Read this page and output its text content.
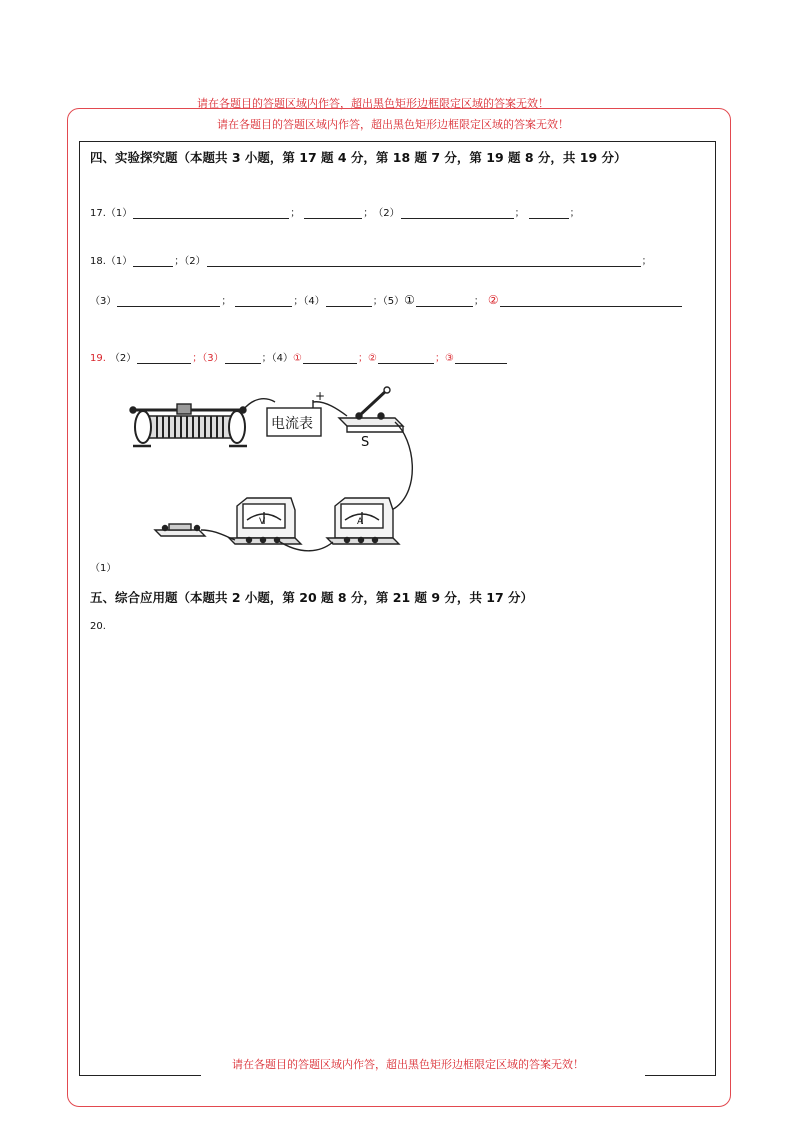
请在各题目的答题区域内作答，超出黑色矩形边框限定区域的答案无效！
请在各题目的答题区域内作答，超出黑色矩形边框限定区域的答案无效！
请在各题目的答题区域内作答，超出黑色矩形边框限定区域的答案无效！
四、实验探究题（本题共 3 小题，第 17 题 4 分，第 18 题 7 分，第 19 题 8 分，共 19 分）
17. （1）	；	； （2）	；	；
18. （1）	；（2）	；
（3）	；	；（4）	；（5） ①	； ②
19. （2）	；（3）	；（4） ①	；②	；③
电流表
+
S
V	A
（1）
五、综合应用题（本题共 2 小题，第 20 题 8 分，第 21 题 9 分，共 17 分）
20.
